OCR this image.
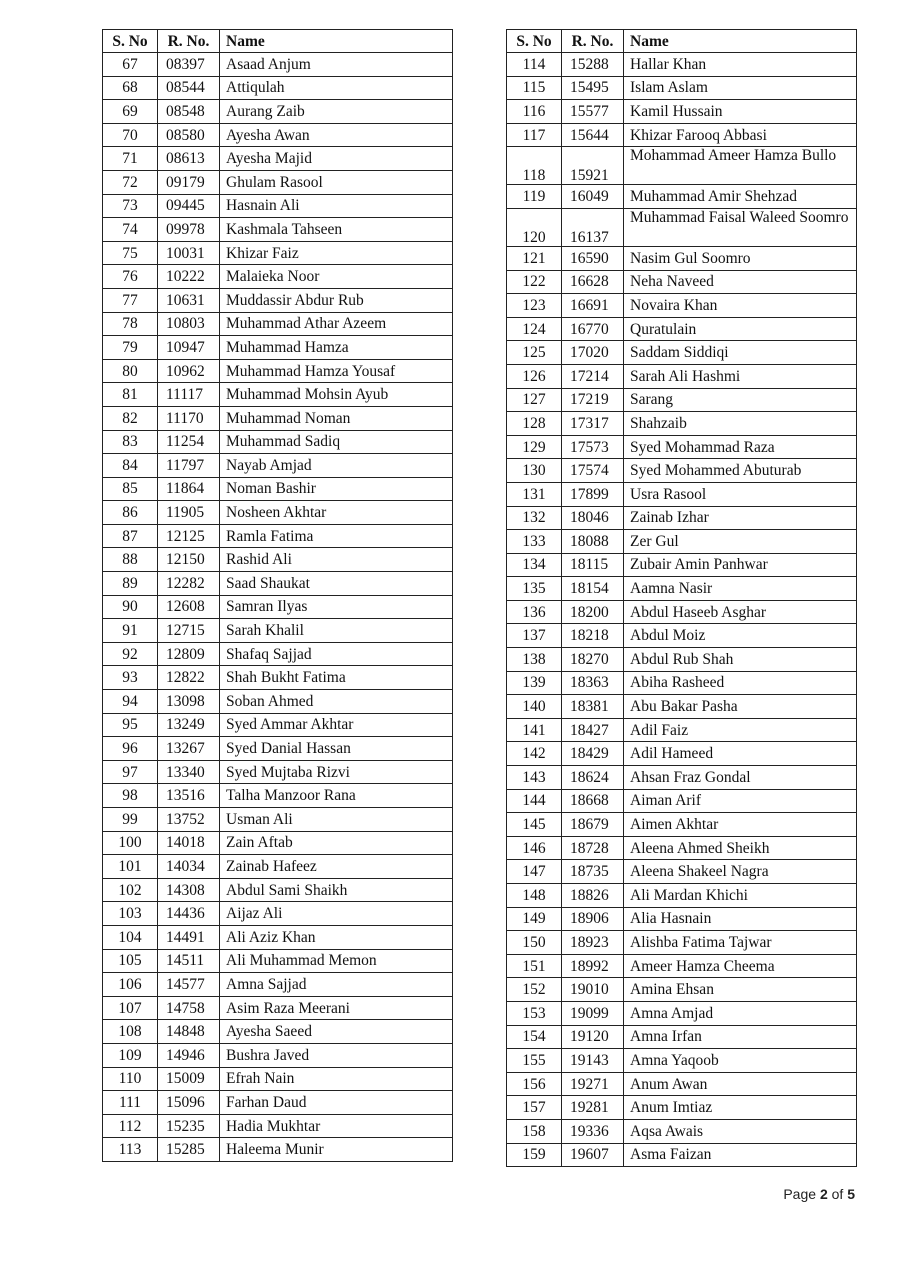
S. No	R. No.	Name
67	08397	Asaad Anjum
68	08544	Attiqulah
69	08548	Aurang Zaib
70	08580	Ayesha Awan
71	08613	Ayesha Majid
72	09179	Ghulam Rasool
73	09445	Hasnain Ali
74	09978	Kashmala Tahseen
75	10031	Khizar Faiz
76	10222	Malaieka Noor
77	10631	Muddassir Abdur Rub
78	10803	Muhammad Athar Azeem
79	10947	Muhammad Hamza
80	10962	Muhammad Hamza Yousaf
81	11117	Muhammad Mohsin Ayub
82	11170	Muhammad Noman
83	11254	Muhammad Sadiq
84	11797	Nayab Amjad
85	11864	Noman Bashir
86	11905	Nosheen Akhtar
87	12125	Ramla Fatima
88	12150	Rashid Ali
89	12282	Saad Shaukat
90	12608	Samran Ilyas
91	12715	Sarah Khalil
92	12809	Shafaq Sajjad
93	12822	Shah Bukht Fatima
94	13098	Soban Ahmed
95	13249	Syed Ammar Akhtar
96	13267	Syed Danial Hassan
97	13340	Syed Mujtaba Rizvi
98	13516	Talha Manzoor Rana
99	13752	Usman Ali
100	14018	Zain Aftab
101	14034	Zainab Hafeez
102	14308	Abdul Sami Shaikh
103	14436	Aijaz Ali
104	14491	Ali Aziz Khan
105	14511	Ali Muhammad Memon
106	14577	Amna Sajjad
107	14758	Asim Raza Meerani
108	14848	Ayesha Saeed
109	14946	Bushra Javed
110	15009	Efrah Nain
111	15096	Farhan Daud
112	15235	Hadia Mukhtar
113	15285	Haleema Munir
S. No	R. No.	Name
114	15288	Hallar Khan
115	15495	Islam Aslam
116	15577	Kamil Hussain
117	15644	Khizar Farooq Abbasi
118	15921	Mohammad Ameer Hamza Bullo
119	16049	Muhammad Amir Shehzad
120	16137	Muhammad Faisal Waleed Soomro
121	16590	Nasim Gul Soomro
122	16628	Neha Naveed
123	16691	Novaira Khan
124	16770	Quratulain
125	17020	Saddam Siddiqi
126	17214	Sarah Ali Hashmi
127	17219	Sarang
128	17317	Shahzaib
129	17573	Syed Mohammad Raza
130	17574	Syed Mohammed Abuturab
131	17899	Usra Rasool
132	18046	Zainab Izhar
133	18088	Zer Gul
134	18115	Zubair Amin Panhwar
135	18154	Aamna Nasir
136	18200	Abdul Haseeb Asghar
137	18218	Abdul Moiz
138	18270	Abdul Rub Shah
139	18363	Abiha Rasheed
140	18381	Abu Bakar Pasha
141	18427	Adil Faiz
142	18429	Adil Hameed
143	18624	Ahsan Fraz Gondal
144	18668	Aiman Arif
145	18679	Aimen Akhtar
146	18728	Aleena Ahmed Sheikh
147	18735	Aleena Shakeel Nagra
148	18826	Ali Mardan Khichi
149	18906	Alia Hasnain
150	18923	Alishba Fatima Tajwar
151	18992	Ameer Hamza Cheema
152	19010	Amina Ehsan
153	19099	Amna Amjad
154	19120	Amna Irfan
155	19143	Amna Yaqoob
156	19271	Anum Awan
157	19281	Anum Imtiaz
158	19336	Aqsa Awais
159	19607	Asma Faizan
Page 2 of 5
